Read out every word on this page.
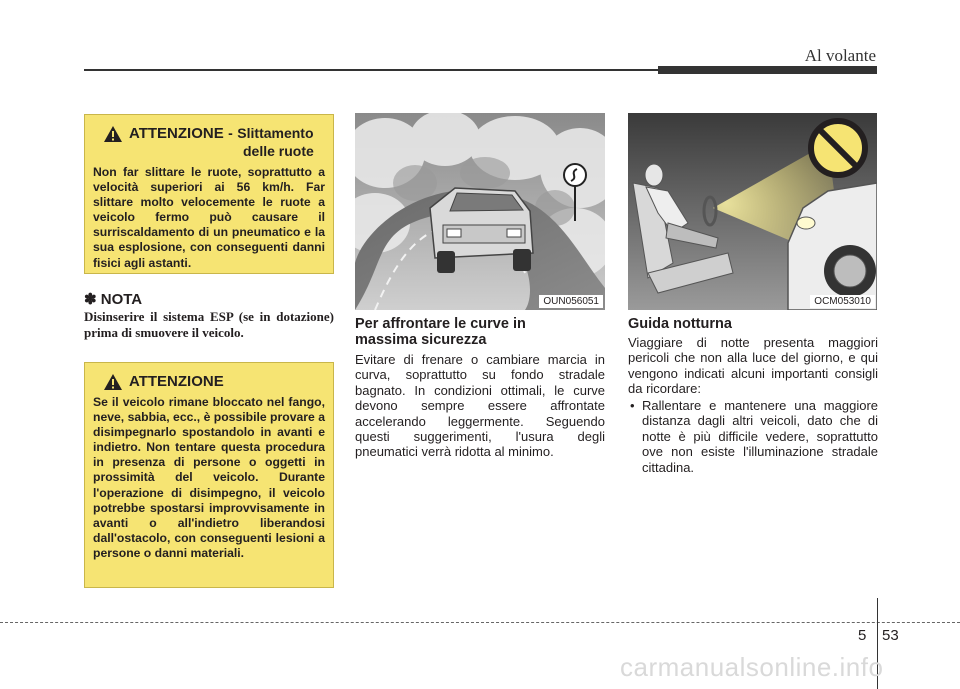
Al volante
ATTENZIONE - Slittamento
delle ruote
Non far slittare le ruote, soprattutto a velocità superiori ai 56 km/h. Far slittare molto velocemente le ruote a veicolo fermo può causare il surriscaldamento di un pneumatico e la sua esplosione, con conseguenti danni fisici agli astanti.
✽ NOTA
Disinserire il sistema ESP (se in dotazione) prima di smuovere il veicolo.
ATTENZIONE
Se il veicolo rimane bloccato nel fango, neve, sabbia, ecc., è possibile provare a disimpegnarlo spostandolo in avanti e indietro. Non tentare questa procedura in presenza di persone o oggetti in prossimità del veicolo. Durante l'operazione di disimpegno, il veicolo potrebbe spostarsi improvvisamente in avanti o all'indietro liberandosi dall'ostacolo, con conseguenti lesioni a persone o danni materiali.
OUN056051
Per affrontare le curve in
massima sicurezza
Evitare di frenare o cambiare marcia in curva, soprattutto su fondo stradale bagnato. In condizioni ottimali, le curve devono sempre essere affrontate accelerando leggermente. Seguendo questi suggerimenti, l'usura degli pneumatici verrà ridotta al minimo.
OCM053010
Guida notturna
Viaggiare di notte presenta maggiori pericoli che non alla luce del giorno, e qui vengono indicati alcuni importanti consigli da ricordare:
• Rallentare e mantenere una maggiore distanza dagli altri veicoli, dato che di notte è più difficile vedere, soprattutto ove non esiste l'illuminazione stradale cittadina.
5 53
carmanualsonline.info
